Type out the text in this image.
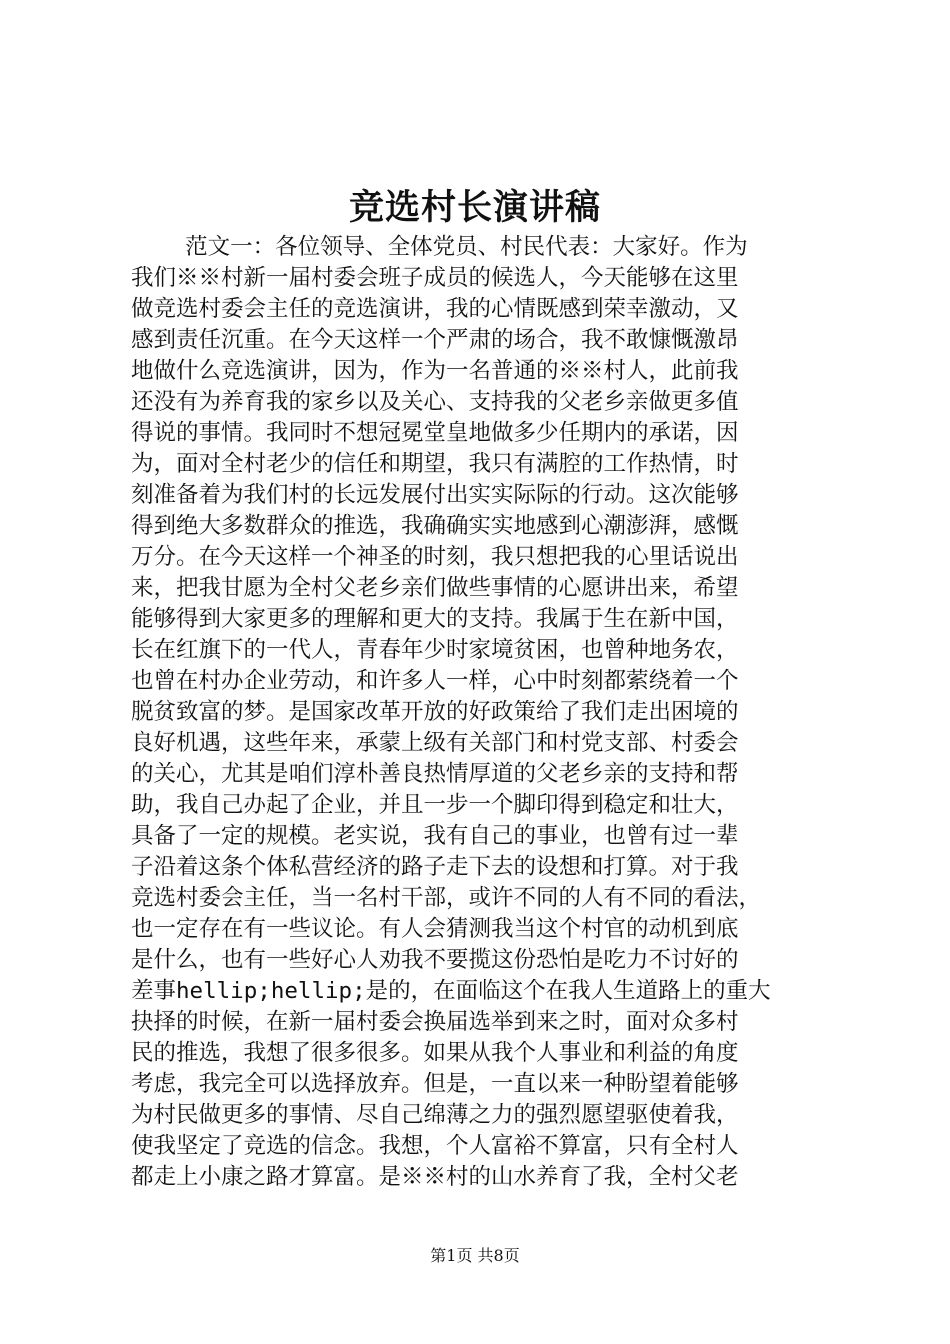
竞选村长演讲稿
范文一：各位领导、全体党员、村民代表：大家好。作为
我们※※村新一届村委会班子成员的候选人，今天能够在这里
做竞选村委会主任的竞选演讲，我的心情既感到荣幸激动，又
感到责任沉重。在今天这样一个严肃的场合，我不敢慷慨激昂
地做什么竞选演讲，因为，作为一名普通的※※村人，此前我
还没有为养育我的家乡以及关心、支持我的父老乡亲做更多值
得说的事情。我同时不想冠冕堂皇地做多少任期内的承诺，因
为，面对全村老少的信任和期望，我只有满腔的工作热情，时
刻准备着为我们村的长远发展付出实实际际的行动。这次能够
得到绝大多数群众的推选，我确确实实地感到心潮澎湃，感慨
万分。在今天这样一个神圣的时刻，我只想把我的心里话说出
来，把我甘愿为全村父老乡亲们做些事情的心愿讲出来，希望
能够得到大家更多的理解和更大的支持。我属于生在新中国，
长在红旗下的一代人，青春年少时家境贫困，也曾种地务农，
也曾在村办企业劳动，和许多人一样，心中时刻都萦绕着一个
脱贫致富的梦。是国家改革开放的好政策给了我们走出困境的
良好机遇，这些年来，承蒙上级有关部门和村党支部、村委会
的关心，尤其是咱们淳朴善良热情厚道的父老乡亲的支持和帮
助，我自己办起了企业，并且一步一个脚印得到稳定和壮大，
具备了一定的规模。老实说，我有自己的事业，也曾有过一辈
子沿着这条个体私营经济的路子走下去的设想和打算。对于我
竞选村委会主任，当一名村干部，或许不同的人有不同的看法，
也一定存在有一些议论。有人会猜测我当这个村官的动机到底
是什么，也有一些好心人劝我不要揽这份恐怕是吃力不讨好的
差事hellip;hellip;是的，在面临这个在我人生道路上的重大
抉择的时候，在新一届村委会换届选举到来之时，面对众多村
民的推选，我想了很多很多。如果从我个人事业和利益的角度
考虑，我完全可以选择放弃。但是，一直以来一种盼望着能够
为村民做更多的事情、尽自己绵薄之力的强烈愿望驱使着我，
使我坚定了竞选的信念。我想，个人富裕不算富，只有全村人
都走上小康之路才算富。是※※村的山水养育了我，全村父老
第1页 共8页
